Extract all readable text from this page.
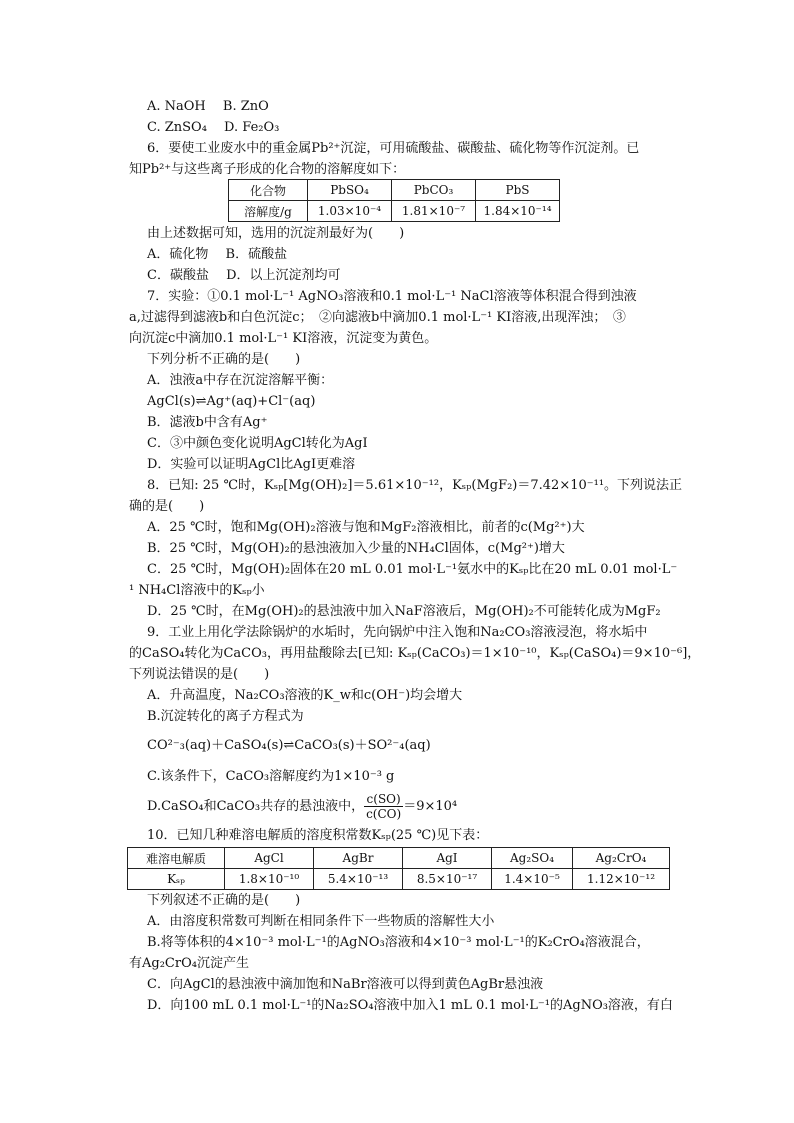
A. NaOH　 B. ZnO
C. ZnSO₄　 D. Fe₂O₃
6．要使工业废水中的重金属Pb²⁺沉淀，可用硫酸盐、碳酸盐、硫化物等作沉淀剂。已
知Pb²⁺与这些离子形成的化合物的溶解度如下：
化合物	PbSO₄	PbCO₃	PbS
溶解度/g	1.03×10⁻⁴	1.81×10⁻⁷	1.84×10⁻¹⁴
由上述数据可知，选用的沉淀剂最好为(　　)
A．硫化物　 B．硫酸盐
C．碳酸盐　 D．以上沉淀剂均可
7．实验：①0.1 mol·L⁻¹ AgNO₃溶液和0.1 mol·L⁻¹ NaCl溶液等体积混合得到浊液
a,过滤得到滤液b和白色沉淀c；　②向滤液b中滴加0.1 mol·L⁻¹ KI溶液,出现浑浊；　③
向沉淀c中滴加0.1 mol·L⁻¹ KI溶液，沉淀变为黄色。
下列分析不正确的是(　　)
A．浊液a中存在沉淀溶解平衡：
AgCl(s)⇌Ag⁺(aq)+Cl⁻(aq)
B．滤液b中含有Ag⁺
C．③中颜色变化说明AgCl转化为AgI
D．实验可以证明AgCl比AgI更难溶
8．已知: 25 ℃时，Kₛₚ[Mg(OH)₂]＝5.61×10⁻¹²，Kₛₚ(MgF₂)＝7.42×10⁻¹¹。下列说法正
确的是(　　)
A．25 ℃时，饱和Mg(OH)₂溶液与饱和MgF₂溶液相比，前者的c(Mg²⁺)大
B．25 ℃时，Mg(OH)₂的悬浊液加入少量的NH₄Cl固体，c(Mg²⁺)增大
C．25 ℃时，Mg(OH)₂固体在20 mL 0.01 mol·L⁻¹氨水中的Kₛₚ比在20 mL 0.01 mol·L⁻
¹ NH₄Cl溶液中的Kₛₚ小
D．25 ℃时，在Mg(OH)₂的悬浊液中加入NaF溶液后，Mg(OH)₂不可能转化成为MgF₂
9．工业上用化学法除锅炉的水垢时，先向锅炉中注入饱和Na₂CO₃溶液浸泡，将水垢中
的CaSO₄转化为CaCO₃，再用盐酸除去[已知: Kₛₚ(CaCO₃)＝1×10⁻¹⁰，Kₛₚ(CaSO₄)＝9×10⁻⁶]，
下列说法错误的是(　　)
A．升高温度，Na₂CO₃溶液的K_w和c(OH⁻)均会增大
B.沉淀转化的离子方程式为
CO²⁻₃(aq)＋CaSO₄(s)⇌CaCO₃(s)＋SO²⁻₄(aq)
C.该条件下，CaCO₃溶解度约为1×10⁻³ g
D.CaSO₄和CaCO₃共存的悬浊液中， $\frac{c(SO)}{c(CO)} =9\times 10^4$
10．已知几种难溶电解质的溶度积常数Kₛₚ(25 ℃)见下表：
难溶电解质	AgCl	AgBr	AgI	Ag₂SO₄	Ag₂CrO₄
Kₛₚ	1.8×10⁻¹⁰	5.4×10⁻¹³	8.5×10⁻¹⁷	1.4×10⁻⁵	1.12×10⁻¹²
下列叙述不正确的是(　　)
A．由溶度积常数可判断在相同条件下一些物质的溶解性大小
B.将等体积的4×10⁻³ mol·L⁻¹的AgNO₃溶液和4×10⁻³ mol·L⁻¹的K₂CrO₄溶液混合，
有Ag₂CrO₄沉淀产生
C．向AgCl的悬浊液中滴加饱和NaBr溶液可以得到黄色AgBr悬浊液
D．向100 mL 0.1 mol·L⁻¹的Na₂SO₄溶液中加入1 mL 0.1 mol·L⁻¹的AgNO₃溶液，有白
